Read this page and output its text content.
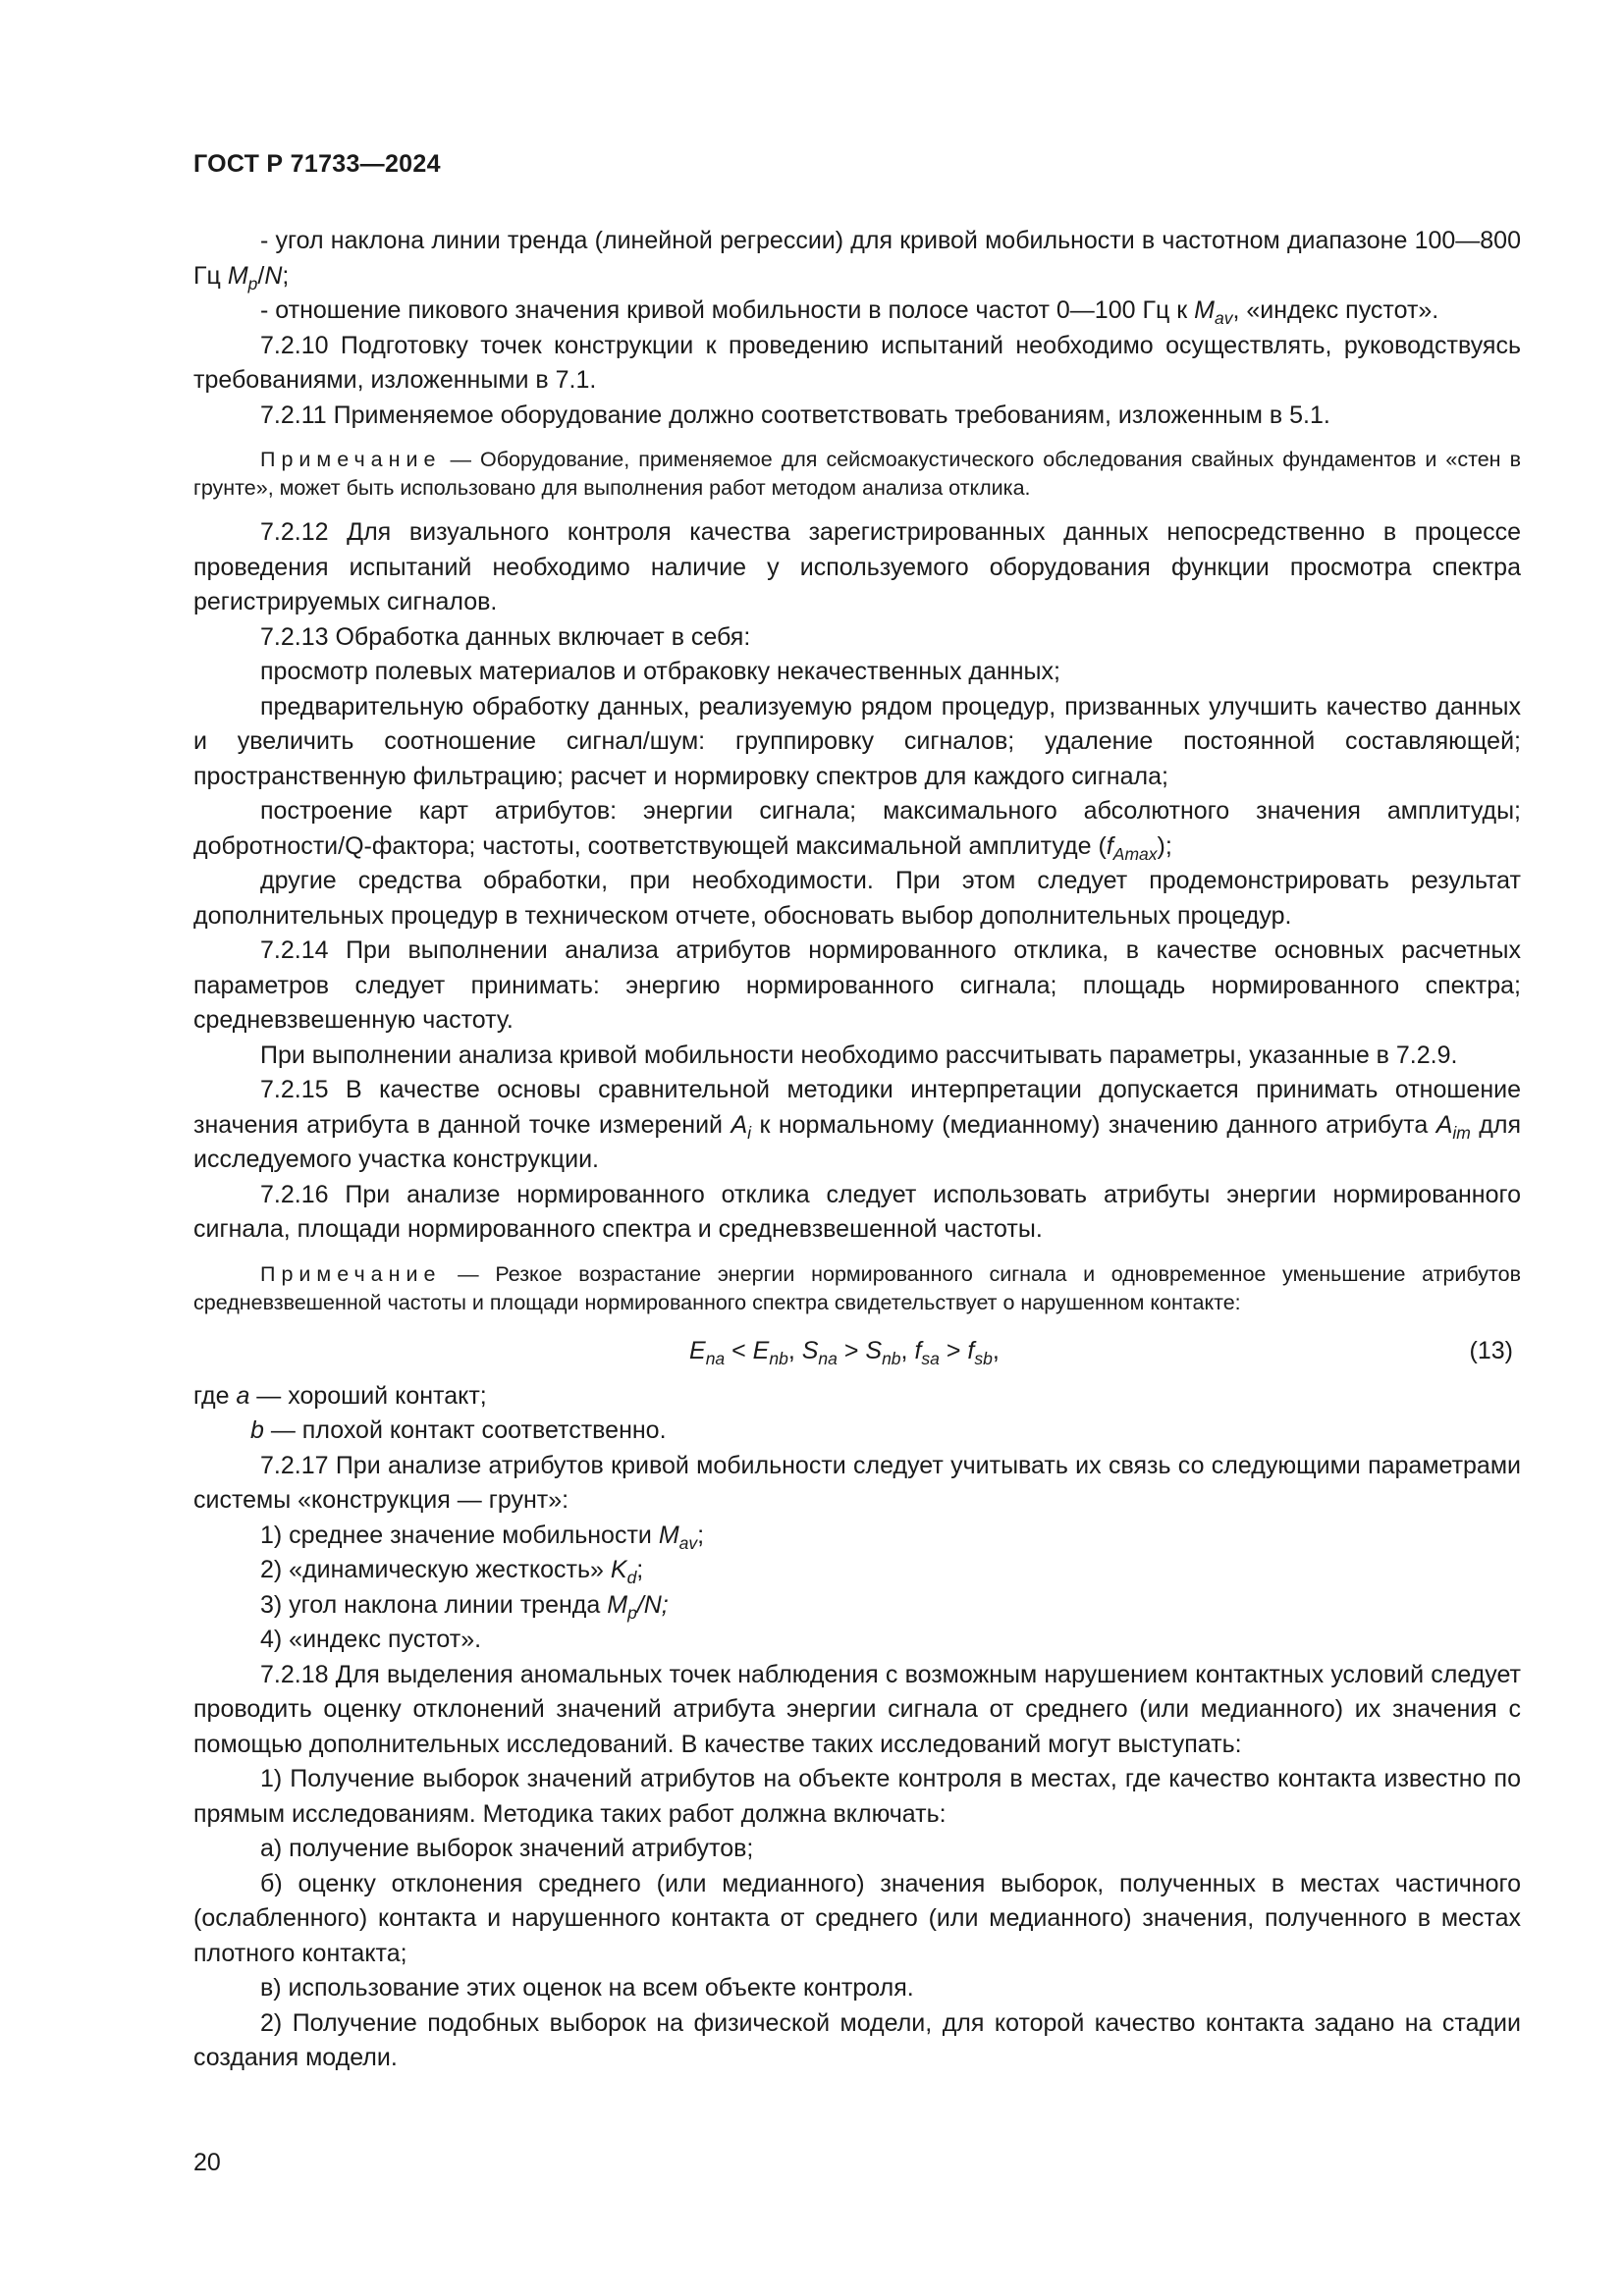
ГОСТ Р 71733—2024

- угол наклона линии тренда (линейной регрессии) для кривой мобильности в частотном диапазоне 100—800 Гц $M_p/N$;

- отношение пикового значения кривой мобильности в полосе частот 0—100 Гц к $M_{av}$, «индекс пустот».

7.2.10 Подготовку точек конструкции к проведению испытаний необходимо осуществлять, руководствуясь требованиями, изложенными в 7.1.

7.2.11 Применяемое оборудование должно соответствовать требованиям, изложенным в 5.1.

Примечание — Оборудование, применяемое для сейсмоакустического обследования свайных фундаментов и «стен в грунте», может быть использовано для выполнения работ методом анализа отклика.

7.2.12 Для визуального контроля качества зарегистрированных данных непосредственно в процессе проведения испытаний необходимо наличие у используемого оборудования функции просмотра спектра регистрируемых сигналов.

7.2.13 Обработка данных включает в себя:

просмотр полевых материалов и отбраковку некачественных данных;

предварительную обработку данных, реализуемую рядом процедур, призванных улучшить качество данных и увеличить соотношение сигнал/шум: группировку сигналов; удаление постоянной составляющей; пространственную фильтрацию; расчет и нормировку спектров для каждого сигнала;

построение карт атрибутов: энергии сигнала; максимального абсолютного значения амплитуды; добротности/Q-фактора; частоты, соответствующей максимальной амплитуде $(f_{Amax})$;

другие средства обработки, при необходимости. При этом следует продемонстрировать результат дополнительных процедур в техническом отчете, обосновать выбор дополнительных процедур.

7.2.14 При выполнении анализа атрибутов нормированного отклика, в качестве основных расчетных параметров следует принимать: энергию нормированного сигнала; площадь нормированного спектра; средневзвешенную частоту.

При выполнении анализа кривой мобильности необходимо рассчитывать параметры, указанные в 7.2.9.

7.2.15 В качестве основы сравнительной методики интерпретации допускается принимать отношение значения атрибута в данной точке измерений $A_i$ к нормальному (медианному) значению данного атрибута $A_{im}$ для исследуемого участка конструкции.

7.2.16 При анализе нормированного отклика следует использовать атрибуты энергии нормированного сигнала, площади нормированного спектра и средневзвешенной частоты.

Примечание — Резкое возрастание энергии нормированного сигнала и одновременное уменьшение атрибутов средневзвешенной частоты и площади нормированного спектра свидетельствует о нарушенном контакте:

$E_{na} < E_{nb}$, $S_{na} > S_{nb}$, $f_{sa} > f_{sb}$,	(13)

где a — хороший контакт;

b — плохой контакт соответственно.

7.2.17 При анализе атрибутов кривой мобильности следует учитывать их связь со следующими параметрами системы «конструкция — грунт»:

1) среднее значение мобильности $M_{av}$;

2) «динамическую жесткость» $K_d$;

3) угол наклона линии тренда $M_p/N$;

4) «индекс пустот».

7.2.18 Для выделения аномальных точек наблюдения с возможным нарушением контактных условий следует проводить оценку отклонений значений атрибута энергии сигнала от среднего (или медианного) их значения с помощью дополнительных исследований. В качестве таких исследований могут выступать:

1) Получение выборок значений атрибутов на объекте контроля в местах, где качество контакта известно по прямым исследованиям. Методика таких работ должна включать:

а) получение выборок значений атрибутов;

б) оценку отклонения среднего (или медианного) значения выборок, полученных в местах частичного (ослабленного) контакта и нарушенного контакта от среднего (или медианного) значения, полученного в местах плотного контакта;

в) использование этих оценок на всем объекте контроля.

2) Получение подобных выборок на физической модели, для которой качество контакта задано на стадии создания модели.

20
